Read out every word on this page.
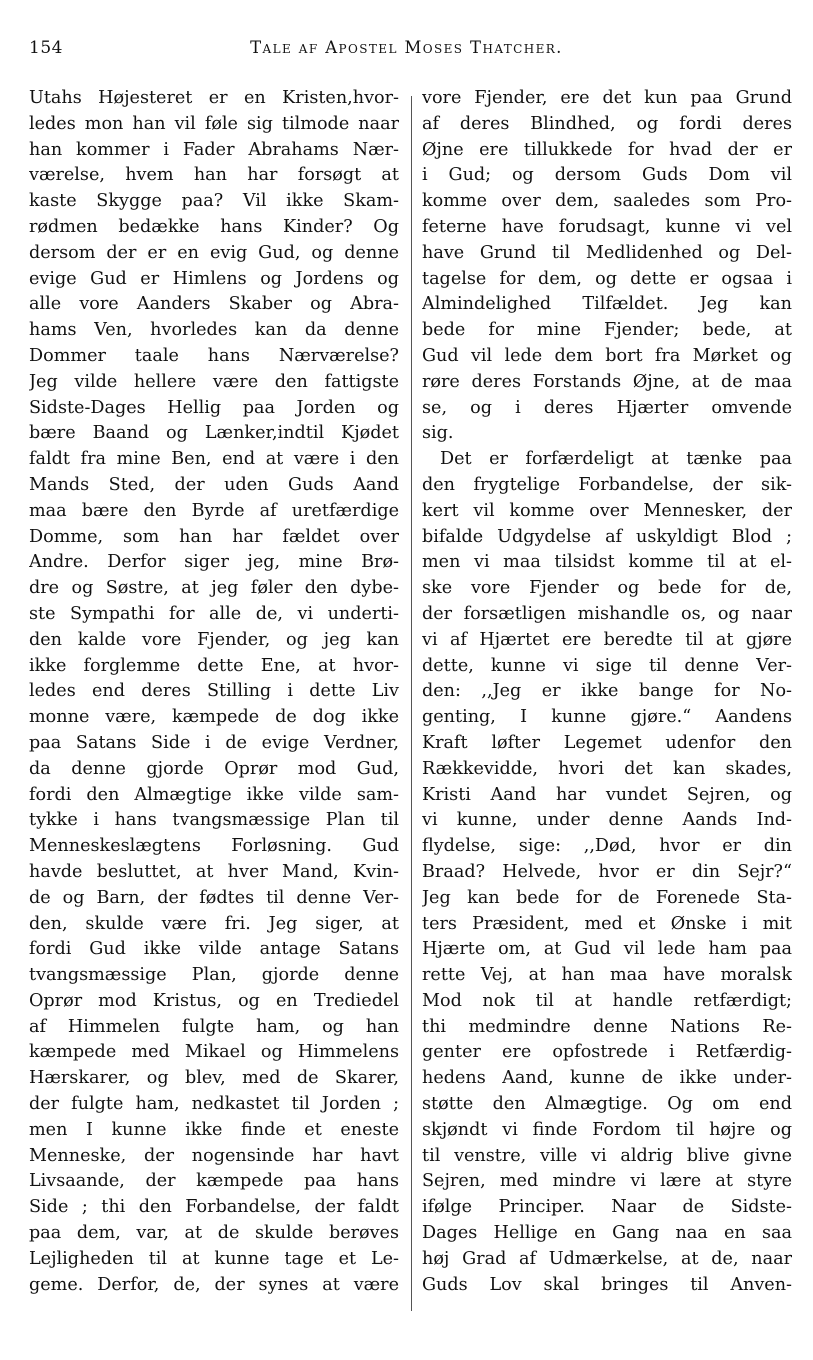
154	Tale af Apostel Moses Thatcher.
Utahs Højesteret er en Kristen,hvor-
ledes mon han vil føle sig tilmode naar
han kommer i Fader Abrahams Nær-
værelse, hvem han har forsøgt at
kaste Skygge paa? Vil ikke Skam-
rødmen bedække hans Kinder? Og
dersom der er en evig Gud, og denne
evige Gud er Himlens og Jordens og
alle vore Aanders Skaber og Abra-
hams Ven, hvorledes kan da denne
Dommer taale hans Nærværelse?
Jeg vilde hellere være den fattigste
Sidste-Dages Hellig paa Jorden og
bære Baand og Lænker,indtil Kjødet
faldt fra mine Ben, end at være i den
Mands Sted, der uden Guds Aand
maa bære den Byrde af uretfærdige
Domme, som han har fældet over
Andre. Derfor siger jeg, mine Brø-
dre og Søstre, at jeg føler den dybe-
ste Sympathi for alle de, vi underti-
den kalde vore Fjender, og jeg kan
ikke forglemme dette Ene, at hvor-
ledes end deres Stilling i dette Liv
monne være, kæmpede de dog ikke
paa Satans Side i de evige Verdner,
da denne gjorde Oprør mod Gud,
fordi den Almægtige ikke vilde sam-
tykke i hans tvangsmæssige Plan til
Menneskeslægtens Forløsning. Gud
havde besluttet, at hver Mand, Kvin-
de og Barn, der fødtes til denne Ver-
den, skulde være fri. Jeg siger, at
fordi Gud ikke vilde antage Satans
tvangsmæssige Plan, gjorde denne
Oprør mod Kristus, og en Trediedel
af Himmelen fulgte ham, og han
kæmpede med Mikael og Himmelens
Hærskarer, og blev, med de Skarer,
der fulgte ham, nedkastet til Jorden ;
men I kunne ikke finde et eneste
Menneske, der nogensinde har havt
Livsaande, der kæmpede paa hans
Side ; thi den Forbandelse, der faldt
paa dem, var, at de skulde berøves
Lejligheden til at kunne tage et Le-
geme. Derfor, de, der synes at være
vore Fjender, ere det kun paa Grund
af deres Blindhed, og fordi deres
Øjne ere tillukkede for hvad der er
i Gud; og dersom Guds Dom vil
komme over dem, saaledes som Pro-
feterne have forudsagt, kunne vi vel
have Grund til Medlidenhed og Del-
tagelse for dem, og dette er ogsaa i
Almindelighed Tilfældet. Jeg kan
bede for mine Fjender; bede, at
Gud vil lede dem bort fra Mørket og
røre deres Forstands Øjne, at de maa
se, og i deres Hjærter omvende
sig.
Det er forfærdeligt at tænke paa
den frygtelige Forbandelse, der sik-
kert vil komme over Mennesker, der
bifalde Udgydelse af uskyldigt Blod ;
men vi maa tilsidst komme til at el-
ske vore Fjender og bede for de,
der forsætligen mishandle os, og naar
vi af Hjærtet ere beredte til at gjøre
dette, kunne vi sige til denne Ver-
den: ,,Jeg er ikke bange for No-
genting, I kunne gjøre.“ Aandens
Kraft løfter Legemet udenfor den
Rækkevidde, hvori det kan skades,
Kristi Aand har vundet Sejren, og
vi kunne, under denne Aands Ind-
flydelse, sige: ,,Død, hvor er din
Braad? Helvede, hvor er din Sejr?“
Jeg kan bede for de Forenede Sta-
ters Præsident, med et Ønske i mit
Hjærte om, at Gud vil lede ham paa
rette Vej, at han maa have moralsk
Mod nok til at handle retfærdigt;
thi medmindre denne Nations Re-
genter ere opfostrede i Retfærdig-
hedens Aand, kunne de ikke under-
støtte den Almægtige. Og om end
skjøndt vi finde Fordom til højre og
til venstre, ville vi aldrig blive givne
Sejren, med mindre vi lære at styre
ifølge Principer. Naar de Sidste-
Dages Hellige en Gang naa en saa
høj Grad af Udmærkelse, at de, naar
Guds Lov skal bringes til Anven-
